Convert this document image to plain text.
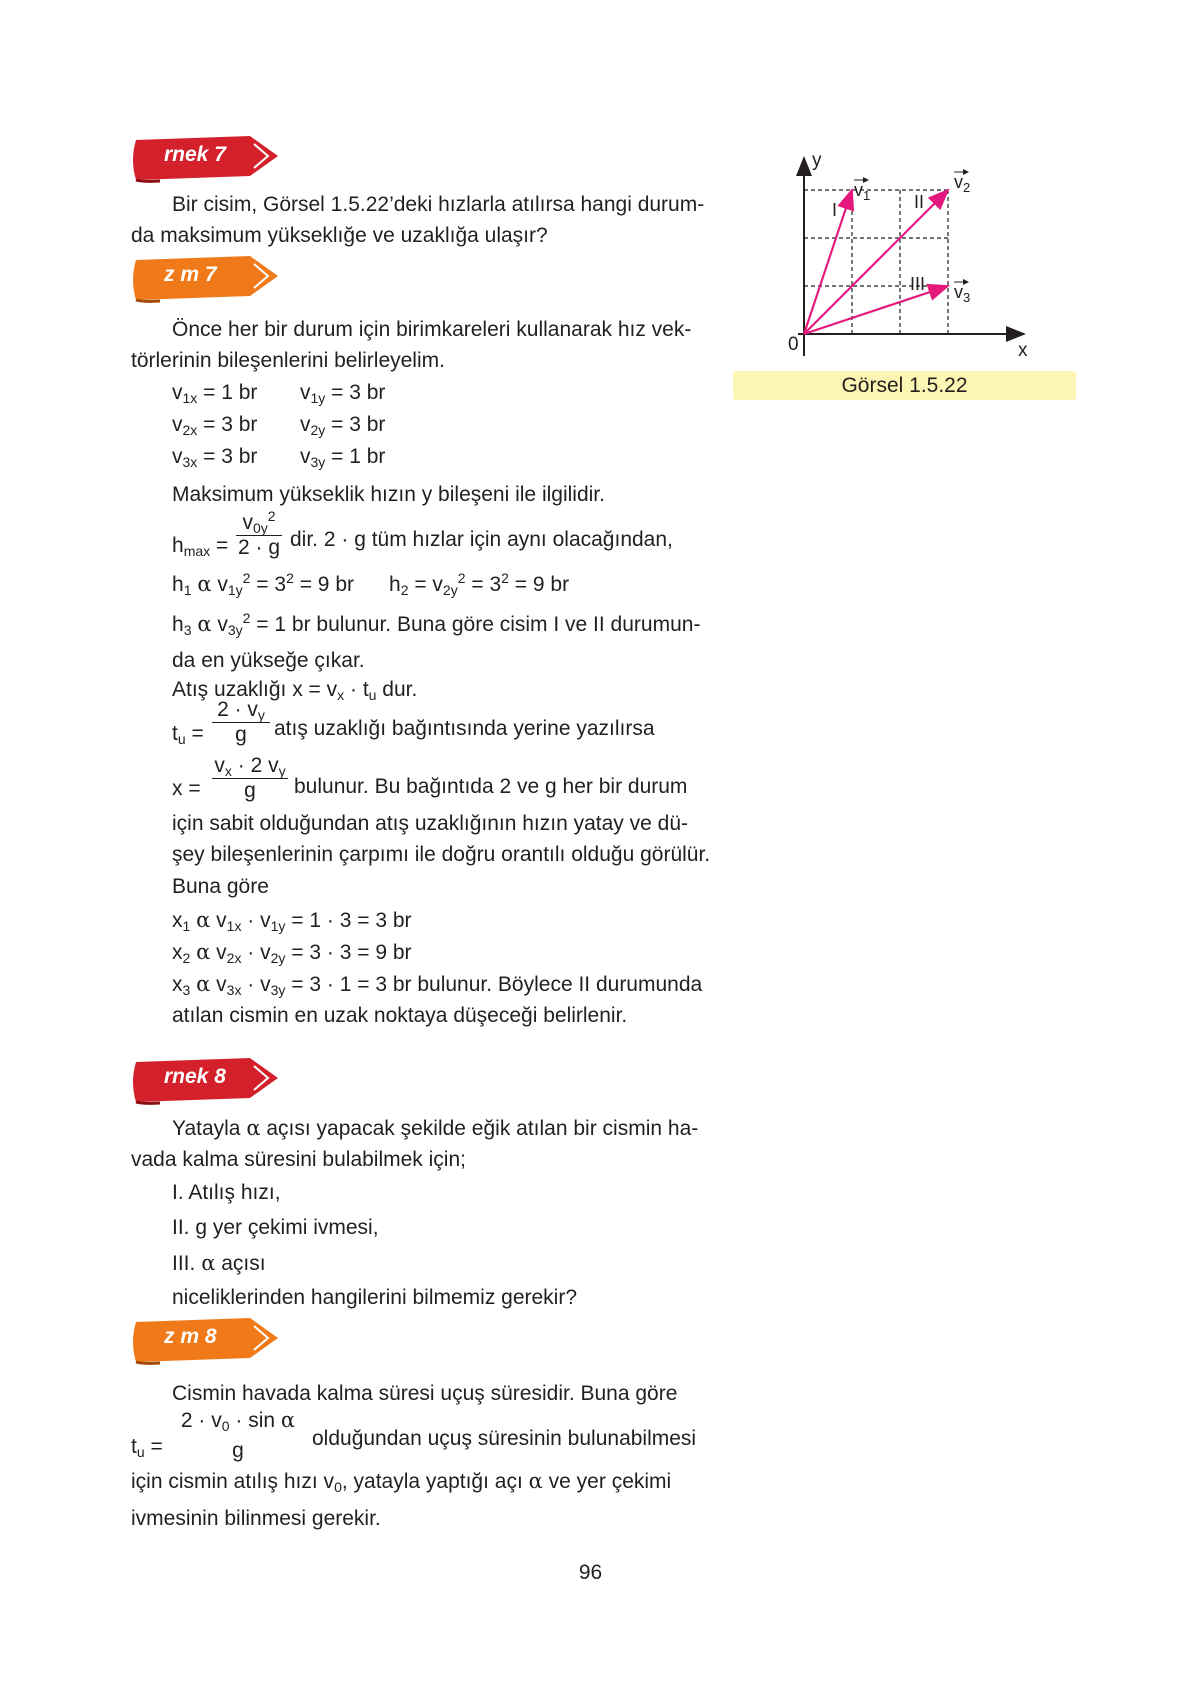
rnek 7
Bir cisim, Görsel 1.5.22’deki hızlarla atılırsa hangi durum-
da maksimum yükseklığe ve uzaklığa ulaşır?
z m 7
Önce her bir durum için birimkareleri kullanarak hız vek-
törlerinin bileşenlerini belirleyelim.
$v_{1x} = 1$ br $v_{1y} = 3$ br
$v_{2x} = 3$ br $v_{2y} = 3$ br
$v_{3x} = 3$ br $v_{3y} = 1$ br
Maksimum yükseklik hızın y bileşeni ile ilgilidir.
$h_{max}$ =
$v_{0y}^2$
2 · g dir. 2 · g tüm hızlar için aynı olacağından,
$h_1$ α $v_{1y}^2 = 3^2 = 9$ br      $h_2 = v_{2y}^2 = 3^2 = 9$ br
$h_3$ α $v_{3y}^2 = 1$ br bulunur. Buna göre cisim I ve II durumun-
da en yükseğe çıkar.
Atış uzaklığı $x = v_x \cdot t_u$ dur.
$t_u$ =
$2 \cdot v_y$
g	atış uzaklığı bağıntısında yerine yazılırsa
x =
$v_x \cdot 2$ $v_y$
g	bulunur. Bu bağıntıda 2 ve g her bir durum
için sabit olduğundan atış uzaklığının hızın yatay ve dü-
şey bileşenlerinin çarpımı ile doğru orantılı olduğu görülür.
Buna göre
$x_1$ α $v_{1x} \cdot v_{1y} = 1 \cdot 3 = 3$ br
$x_2$ α $v_{2x} \cdot v_{2y} = 3 \cdot 3 = 9$ br
$x_3$ α $v_{3x} \cdot v_{3y} = 3 \cdot 1 = 3$ br bulunur. Böylece II durumunda
atılan cismin en uzak noktaya düşeceği belirlenir.
rnek 8
Yatayla α açısı yapacak şekilde eğik atılan bir cismin ha-
vada kalma süresini bulabilmek için;
I. Atılış hızı,
II. g yer çekimi ivmesi,
III. α açısı
niceliklerinden hangilerini bilmemiz gerekir?
z m 8
Cismin havada kalma süresi uçuş süresidir. Buna göre
$t_u$ =
$2 \cdot v_0 \cdot \sin \alpha$
g
olduğundan uçuş süresinin bulunabilmesi
için cismin atılış hızı $v_0$, yatayla yaptığı açı α ve yer çekimi
ivmesinin bilinmesi gerekir.
y
x
0
$v_1$
$v_2$
$v_3$
I	II
III
Görsel 1.5.22
96
